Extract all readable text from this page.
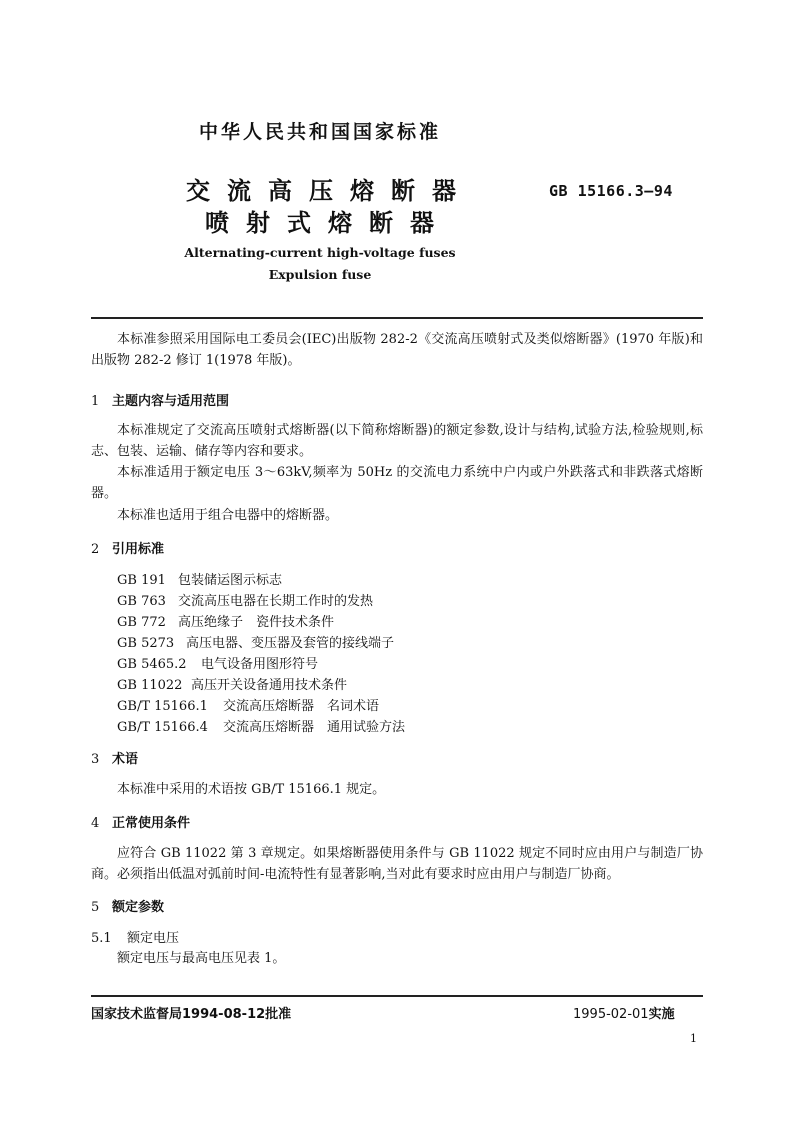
中华人民共和国国家标准
交流高压熔断器
喷射式熔断器
GB 15166.3—94
Alternating-current high-voltage fuses
Expulsion fuse
本标准参照采用国际电工委员会(IEC)出版物 282-2《交流高压喷射式及类似熔断器》(1970 年版)和出版物 282-2 修订 1(1978 年版)。
1 主题内容与适用范围
本标准规定了交流高压喷射式熔断器(以下简称熔断器)的额定参数,设计与结构,试验方法,检验规则,标志、包装、运输、储存等内容和要求。
本标准适用于额定电压 3～63kV,频率为 50Hz 的交流电力系统中户内或户外跌落式和非跌落式熔断器。
本标准也适用于组合电器中的熔断器。
2 引用标准
GB 191 包装储运图示标志
GB 763 交流高压电器在长期工作时的发热
GB 772 高压绝缘子　瓷件技术条件
GB 5273 高压电器、变压器及套管的接线端子
GB 5465.2 电气设备用图形符号
GB 11022 高压开关设备通用技术条件
GB/T 15166.1 交流高压熔断器　名词术语
GB/T 15166.4 交流高压熔断器　通用试验方法
3 术语
本标准中采用的术语按 GB/T 15166.1 规定。
4 正常使用条件
应符合 GB 11022 第 3 章规定。如果熔断器使用条件与 GB 11022 规定不同时应由用户与制造厂协商。必须指出低温对弧前时间-电流特性有显著影响,当对此有要求时应由用户与制造厂协商。
5 额定参数
5.1 额定电压
额定电压与最高电压见表 1。
国家技术监督局1994-08-12批准	1995-02-01实施
1
